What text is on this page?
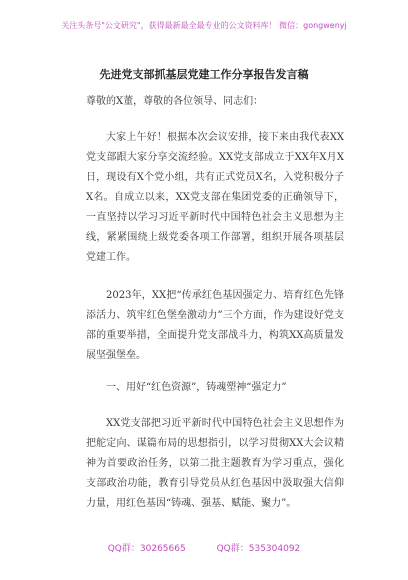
关注头条号"公文研究"，获得最新最全最专业的公文资料库！ 微信：gongwenyj
先进党支部抓基层党建工作分享报告发言稿
尊敬的X董，尊敬的各位领导、同志们：
大家上午好！根据本次会议安排，接下来由我代表XX党支部跟大家分享交流经验。XX党支部成立于XX年X月X日，现设有X个党小组，共有正式党员X名，入党积极分子X名。自成立以来，XX党支部在集团党委的正确领导下，一直坚持以学习习近平新时代中国特色社会主义思想为主线，紧紧围绕上级党委各项工作部署，组织开展各项基层党建工作。
2023年，XX把“传承红色基因强定力、培育红色先锋添活力、筑牢红色堡垒激动力”三个方面，作为建设好党支部的重要举措，全面提升党支部战斗力，构筑XX高质量发展坚强堡垒。
一、用好“红色资源”，铸魂塑神“强定力”
XX党支部把习近平新时代中国特色社会主义思想作为把舵定向、谋篇布局的思想指引，以学习贯彻XX大会议精神为首要政治任务，以第二批主题教育为学习重点，强化支部政治功能，教育引导党员从红色基因中汲取强大信仰力量，用红色基因“铸魂、强基、赋能、聚力”。
QQ群：30265665	QQ群：535304092
